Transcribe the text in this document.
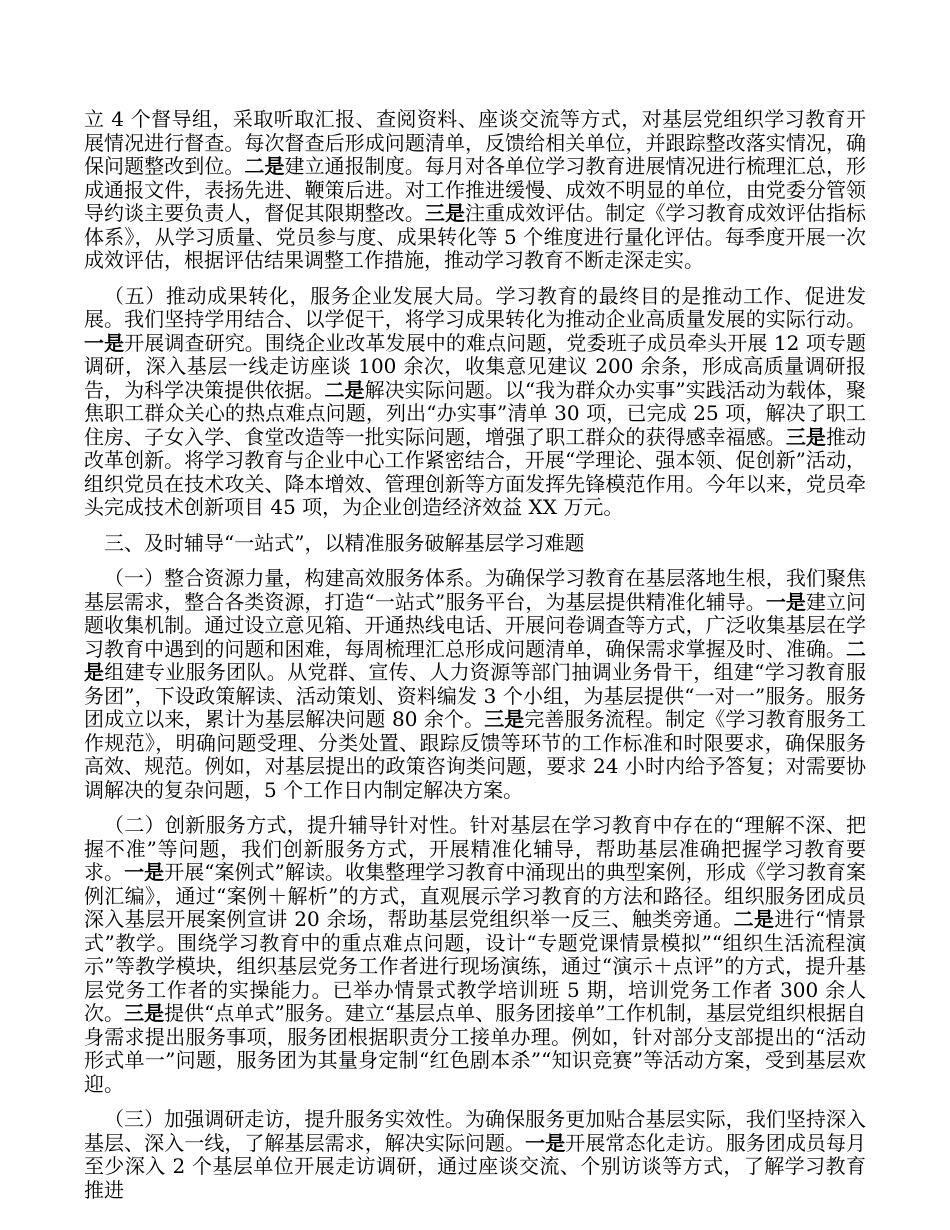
立 4 个督导组，采取听取汇报、查阅资料、座谈交流等方式，对基层党组织学习教育开展情况进行督查。每次督查后形成问题清单，反馈给相关单位，并跟踪整改落实情况，确保问题整改到位。二是建立通报制度。每月对各单位学习教育进展情况进行梳理汇总，形成通报文件，表扬先进、鞭策后进。对工作推进缓慢、成效不明显的单位，由党委分管领导约谈主要负责人，督促其限期整改。三是注重成效评估。制定《学习教育成效评估指标体系》，从学习质量、党员参与度、成果转化等 5 个维度进行量化评估。每季度开展一次成效评估，根据评估结果调整工作措施，推动学习教育不断走深走实。

（五）推动成果转化，服务企业发展大局。学习教育的最终目的是推动工作、促进发展。我们坚持学用结合、以学促干，将学习成果转化为推动企业高质量发展的实际行动。一是开展调查研究。围绕企业改革发展中的难点问题，党委班子成员牵头开展 12 项专题调研，深入基层一线走访座谈 100 余次，收集意见建议 200 余条，形成高质量调研报告，为科学决策提供依据。二是解决实际问题。以“我为群众办实事”实践活动为载体，聚焦职工群众关心的热点难点问题，列出“办实事”清单 30 项，已完成 25 项，解决了职工住房、子女入学、食堂改造等一批实际问题，增强了职工群众的获得感幸福感。三是推动改革创新。将学习教育与企业中心工作紧密结合，开展“学理论、强本领、促创新”活动，组织党员在技术攻关、降本增效、管理创新等方面发挥先锋模范作用。今年以来，党员牵头完成技术创新项目 45 项，为企业创造经济效益 XX 万元。

三、及时辅导“一站式”，以精准服务破解基层学习难题

（一）整合资源力量，构建高效服务体系。为确保学习教育在基层落地生根，我们聚焦基层需求，整合各类资源，打造“一站式”服务平台，为基层提供精准化辅导。一是建立问题收集机制。通过设立意见箱、开通热线电话、开展问卷调查等方式，广泛收集基层在学习教育中遇到的问题和困难，每周梳理汇总形成问题清单，确保需求掌握及时、准确。二是组建专业服务团队。从党群、宣传、人力资源等部门抽调业务骨干，组建“学习教育服务团”，下设政策解读、活动策划、资料编发 3 个小组，为基层提供“一对一”服务。服务团成立以来，累计为基层解决问题 80 余个。三是完善服务流程。制定《学习教育服务工作规范》，明确问题受理、分类处置、跟踪反馈等环节的工作标准和时限要求，确保服务高效、规范。例如，对基层提出的政策咨询类问题，要求 24 小时内给予答复；对需要协调解决的复杂问题，5 个工作日内制定解决方案。

（二）创新服务方式，提升辅导针对性。针对基层在学习教育中存在的“理解不深、把握不准”等问题，我们创新服务方式，开展精准化辅导，帮助基层准确把握学习教育要求。一是开展“案例式”解读。收集整理学习教育中涌现出的典型案例，形成《学习教育案例汇编》，通过“案例＋解析”的方式，直观展示学习教育的方法和路径。组织服务团成员深入基层开展案例宣讲 20 余场，帮助基层党组织举一反三、触类旁通。二是进行“情景式”教学。围绕学习教育中的重点难点问题，设计“专题党课情景模拟”“组织生活流程演示”等教学模块，组织基层党务工作者进行现场演练，通过“演示＋点评”的方式，提升基层党务工作者的实操能力。已举办情景式教学培训班 5 期，培训党务工作者 300 余人次。三是提供“点单式”服务。建立“基层点单、服务团接单”工作机制，基层党组织根据自身需求提出服务事项，服务团根据职责分工接单办理。例如，针对部分支部提出的“活动形式单一”问题，服务团为其量身定制“红色剧本杀”“知识竞赛”等活动方案，受到基层欢迎。

（三）加强调研走访，提升服务实效性。为确保服务更加贴合基层实际，我们坚持深入基层、深入一线，了解基层需求，解决实际问题。一是开展常态化走访。服务团成员每月至少深入 2 个基层单位开展走访调研，通过座谈交流、个别访谈等方式，了解学习教育推进
